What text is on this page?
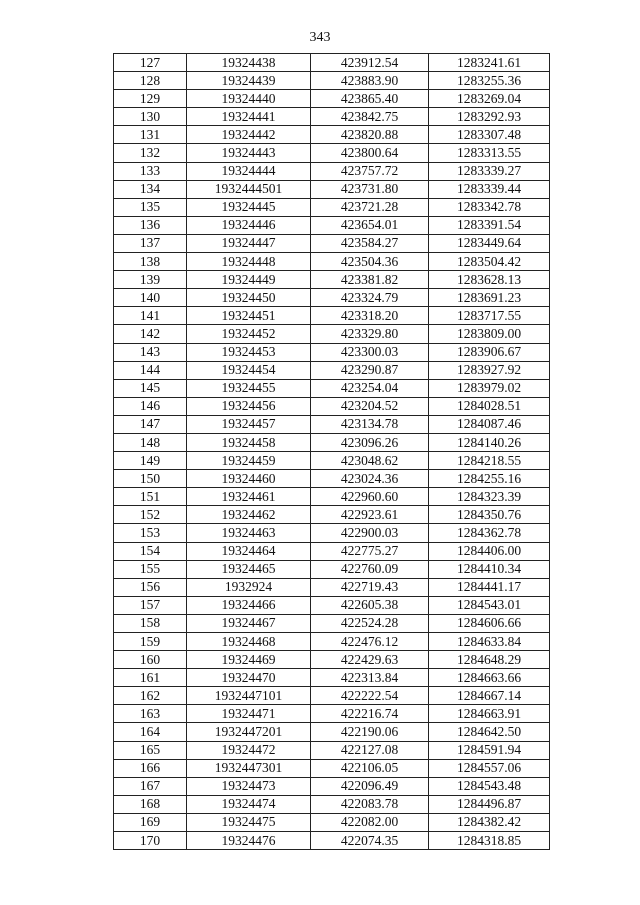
343
127	19324438	423912.54	1283241.61
128	19324439	423883.90	1283255.36
129	19324440	423865.40	1283269.04
130	19324441	423842.75	1283292.93
131	19324442	423820.88	1283307.48
132	19324443	423800.64	1283313.55
133	19324444	423757.72	1283339.27
134	1932444501	423731.80	1283339.44
135	19324445	423721.28	1283342.78
136	19324446	423654.01	1283391.54
137	19324447	423584.27	1283449.64
138	19324448	423504.36	1283504.42
139	19324449	423381.82	1283628.13
140	19324450	423324.79	1283691.23
141	19324451	423318.20	1283717.55
142	19324452	423329.80	1283809.00
143	19324453	423300.03	1283906.67
144	19324454	423290.87	1283927.92
145	19324455	423254.04	1283979.02
146	19324456	423204.52	1284028.51
147	19324457	423134.78	1284087.46
148	19324458	423096.26	1284140.26
149	19324459	423048.62	1284218.55
150	19324460	423024.36	1284255.16
151	19324461	422960.60	1284323.39
152	19324462	422923.61	1284350.76
153	19324463	422900.03	1284362.78
154	19324464	422775.27	1284406.00
155	19324465	422760.09	1284410.34
156	1932924	422719.43	1284441.17
157	19324466	422605.38	1284543.01
158	19324467	422524.28	1284606.66
159	19324468	422476.12	1284633.84
160	19324469	422429.63	1284648.29
161	19324470	422313.84	1284663.66
162	1932447101	422222.54	1284667.14
163	19324471	422216.74	1284663.91
164	1932447201	422190.06	1284642.50
165	19324472	422127.08	1284591.94
166	1932447301	422106.05	1284557.06
167	19324473	422096.49	1284543.48
168	19324474	422083.78	1284496.87
169	19324475	422082.00	1284382.42
170	19324476	422074.35	1284318.85
